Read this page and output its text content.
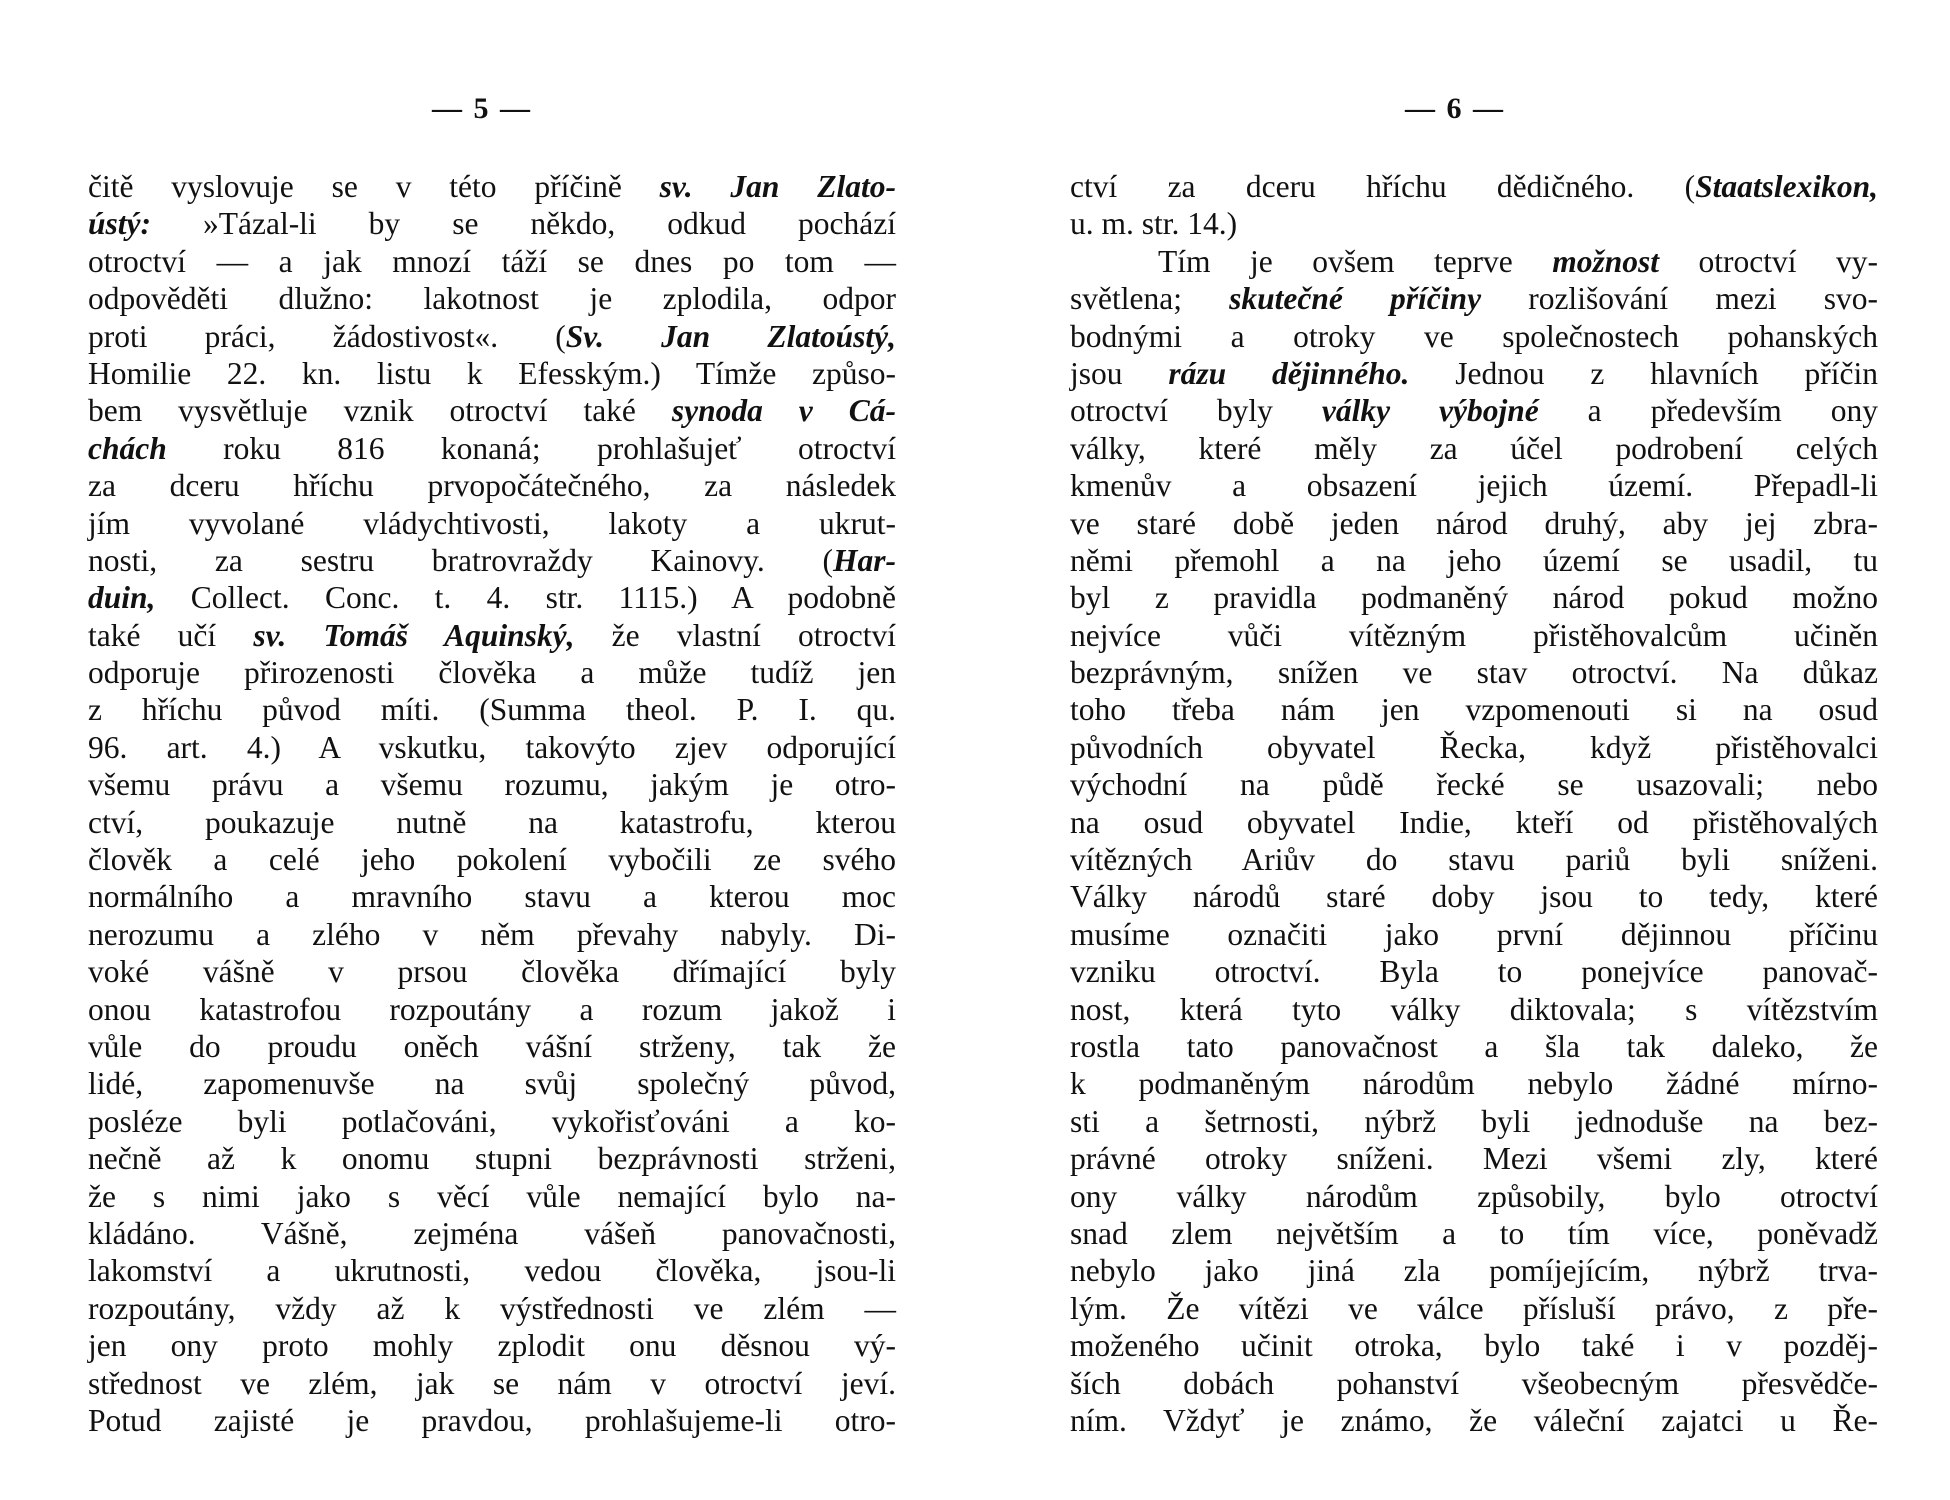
— 5 —
čitě vyslovuje se v této příčině sv. Jan Zlato-
ústý: »Tázal-li by se někdo, odkud pochází
otroctví — a jak mnozí táží se dnes po tom —
odpověděti dlužno: lakotnost je zplodila, odpor
proti práci, žádostivost«. (Sv. Jan Zlatoústý,
Homilie 22. kn. listu k Efesským.) Tímže způso-
bem vysvětluje vznik otroctví také synoda v Cá-
chách roku 816 konaná; prohlašujeť otroctví
za dceru hříchu prvopočátečného, za následek
jím vyvolané vládychtivosti, lakoty a ukrut-
nosti, za sestru bratrovraždy Kainovy. (Har-
duin, Collect. Conc. t. 4. str. 1115.) A podobně
také učí sv. Tomáš Aquinský, že vlastní otroctví
odporuje přirozenosti člověka a může tudíž jen
z hříchu původ míti. (Summa theol. P. I. qu.
96. art. 4.) A vskutku, takovýto zjev odporující
všemu právu a všemu rozumu, jakým je otro-
ctví, poukazuje nutně na katastrofu, kterou
člověk a celé jeho pokolení vybočili ze svého
normálního a mravního stavu a kterou moc
nerozumu a zlého v něm převahy nabyly. Di-
voké vášně v prsou člověka dřímající byly
onou katastrofou rozpoutány a rozum jakož i
vůle do proudu oněch vášní strženy, tak že
lidé, zapomenuvše na svůj společný původ,
posléze byli potlačováni, vykořisťováni a ko-
nečně až k onomu stupni bezprávnosti strženi,
že s nimi jako s věcí vůle nemající bylo na-
kládáno. Vášně, zejména vášeň panovačnosti,
lakomství a ukrutnosti, vedou člověka, jsou-li
rozpoutány, vždy až k výstřednosti ve zlém —
jen ony proto mohly zplodit onu děsnou vý-
střednost ve zlém, jak se nám v otroctví jeví.
Potud zajisté je pravdou, prohlašujeme-li otro-
— 6 —
ctví za dceru hříchu dědičného. (Staatslexikon,
u. m. str. 14.)
Tím je ovšem teprve možnost otroctví vy-
světlena; skutečné příčiny rozlišování mezi svo-
bodnými a otroky ve společnostech pohanských
jsou rázu dějinného. Jednou z hlavních příčin
otroctví byly války výbojné a především ony
války, které měly za účel podrobení celých
kmenův a obsazení jejich území. Přepadl-li
ve staré době jeden národ druhý, aby jej zbra-
němi přemohl a na jeho území se usadil, tu
byl z pravidla podmaněný národ pokud možno
nejvíce vůči vítězným přistěhovalcům učiněn
bezprávným, snížen ve stav otroctví. Na důkaz
toho třeba nám jen vzpomenouti si na osud
původních obyvatel Řecka, když přistěhovalci
východní na půdě řecké se usazovali; nebo
na osud obyvatel Indie, kteří od přistěhovalých
vítězných Ariův do stavu pariů byli sníženi.
Války národů staré doby jsou to tedy, které
musíme označiti jako první dějinnou příčinu
vzniku otroctví. Byla to ponejvíce panovač-
nost, která tyto války diktovala; s vítězstvím
rostla tato panovačnost a šla tak daleko, že
k podmaněným národům nebylo žádné mírno-
sti a šetrnosti, nýbrž byli jednoduše na bez-
právné otroky sníženi. Mezi všemi zly, které
ony války národům způsobily, bylo otroctví
snad zlem největším a to tím více, poněvadž
nebylo jako jiná zla pomíjejícím, nýbrž trva-
lým. Že vítězi ve válce přísluší právo, z pře-
moženého učinit otroka, bylo také i v pozděj-
ších dobách pohanství všeobecným přesvědče-
ním. Vždyť je známo, že váleční zajatci u Ře-
